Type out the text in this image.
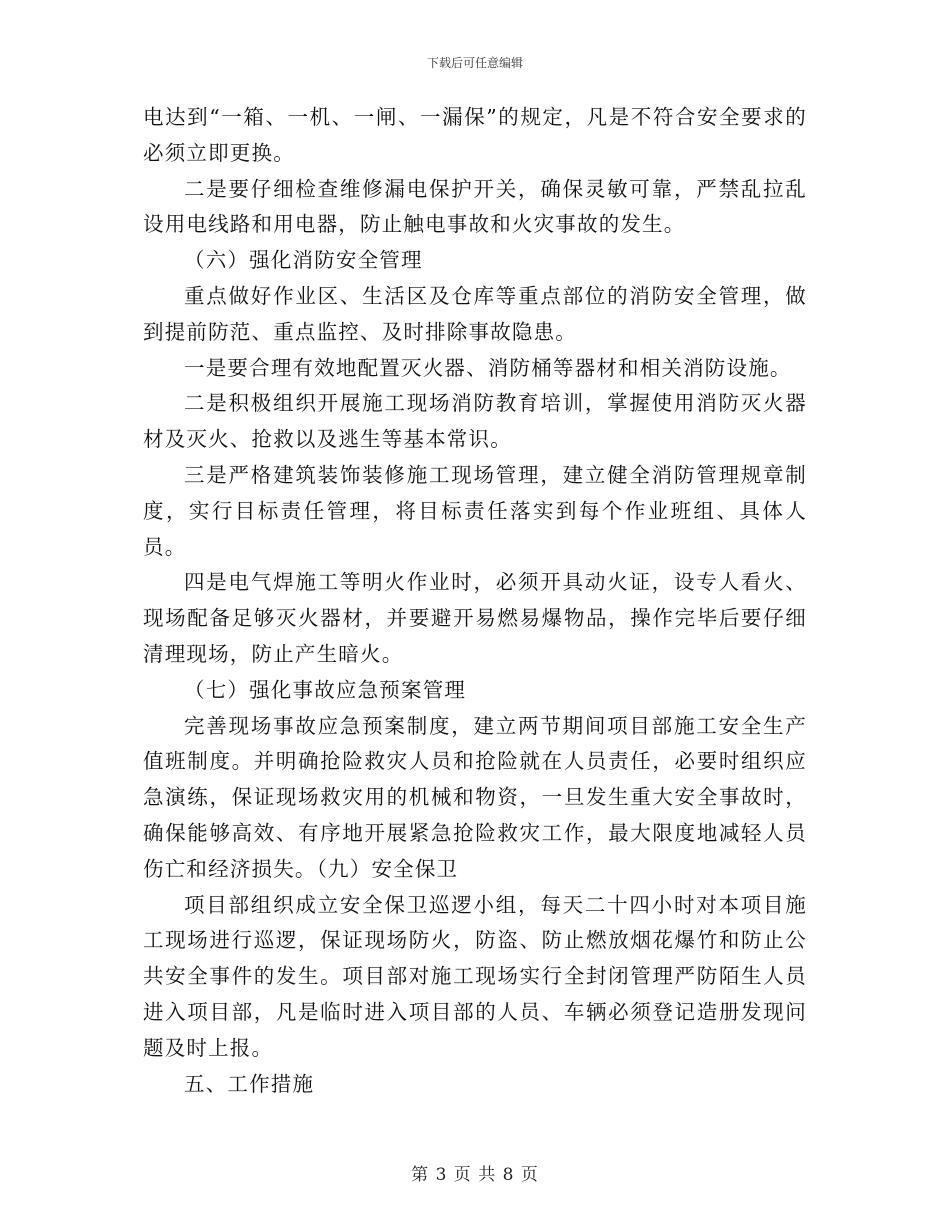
下载后可任意编辑

电达到“一箱、一机、一闸、一漏保”的规定，凡是不符合安全要求的必须立即更换。

二是要仔细检查维修漏电保护开关，确保灵敏可靠，严禁乱拉乱设用电线路和用电器，防止触电事故和火灾事故的发生。

（六）强化消防安全管理

重点做好作业区、生活区及仓库等重点部位的消防安全管理，做到提前防范、重点监控、及时排除事故隐患。

一是要合理有效地配置灭火器、消防桶等器材和相关消防设施。

二是积极组织开展施工现场消防教育培训，掌握使用消防灭火器材及灭火、抢救以及逃生等基本常识。

三是严格建筑装饰装修施工现场管理，建立健全消防管理规章制度，实行目标责任管理，将目标责任落实到每个作业班组、具体人员。

四是电气焊施工等明火作业时，必须开具动火证，设专人看火、现场配备足够灭火器材，并要避开易燃易爆物品，操作完毕后要仔细清理现场，防止产生暗火。

（七）强化事故应急预案管理

完善现场事故应急预案制度，建立两节期间项目部施工安全生产值班制度。并明确抢险救灾人员和抢险就在人员责任，必要时组织应急演练，保证现场救灾用的机械和物资，一旦发生重大安全事故时，确保能够高效、有序地开展紧急抢险救灾工作，最大限度地减轻人员伤亡和经济损失。（九）安全保卫

项目部组织成立安全保卫巡逻小组，每天二十四小时对本项目施工现场进行巡逻，保证现场防火，防盗、防止燃放烟花爆竹和防止公共安全事件的发生。项目部对施工现场实行全封闭管理严防陌生人员进入项目部，凡是临时进入项目部的人员、车辆必须登记造册发现问题及时上报。

五、工作措施

第 3 页 共 8 页
